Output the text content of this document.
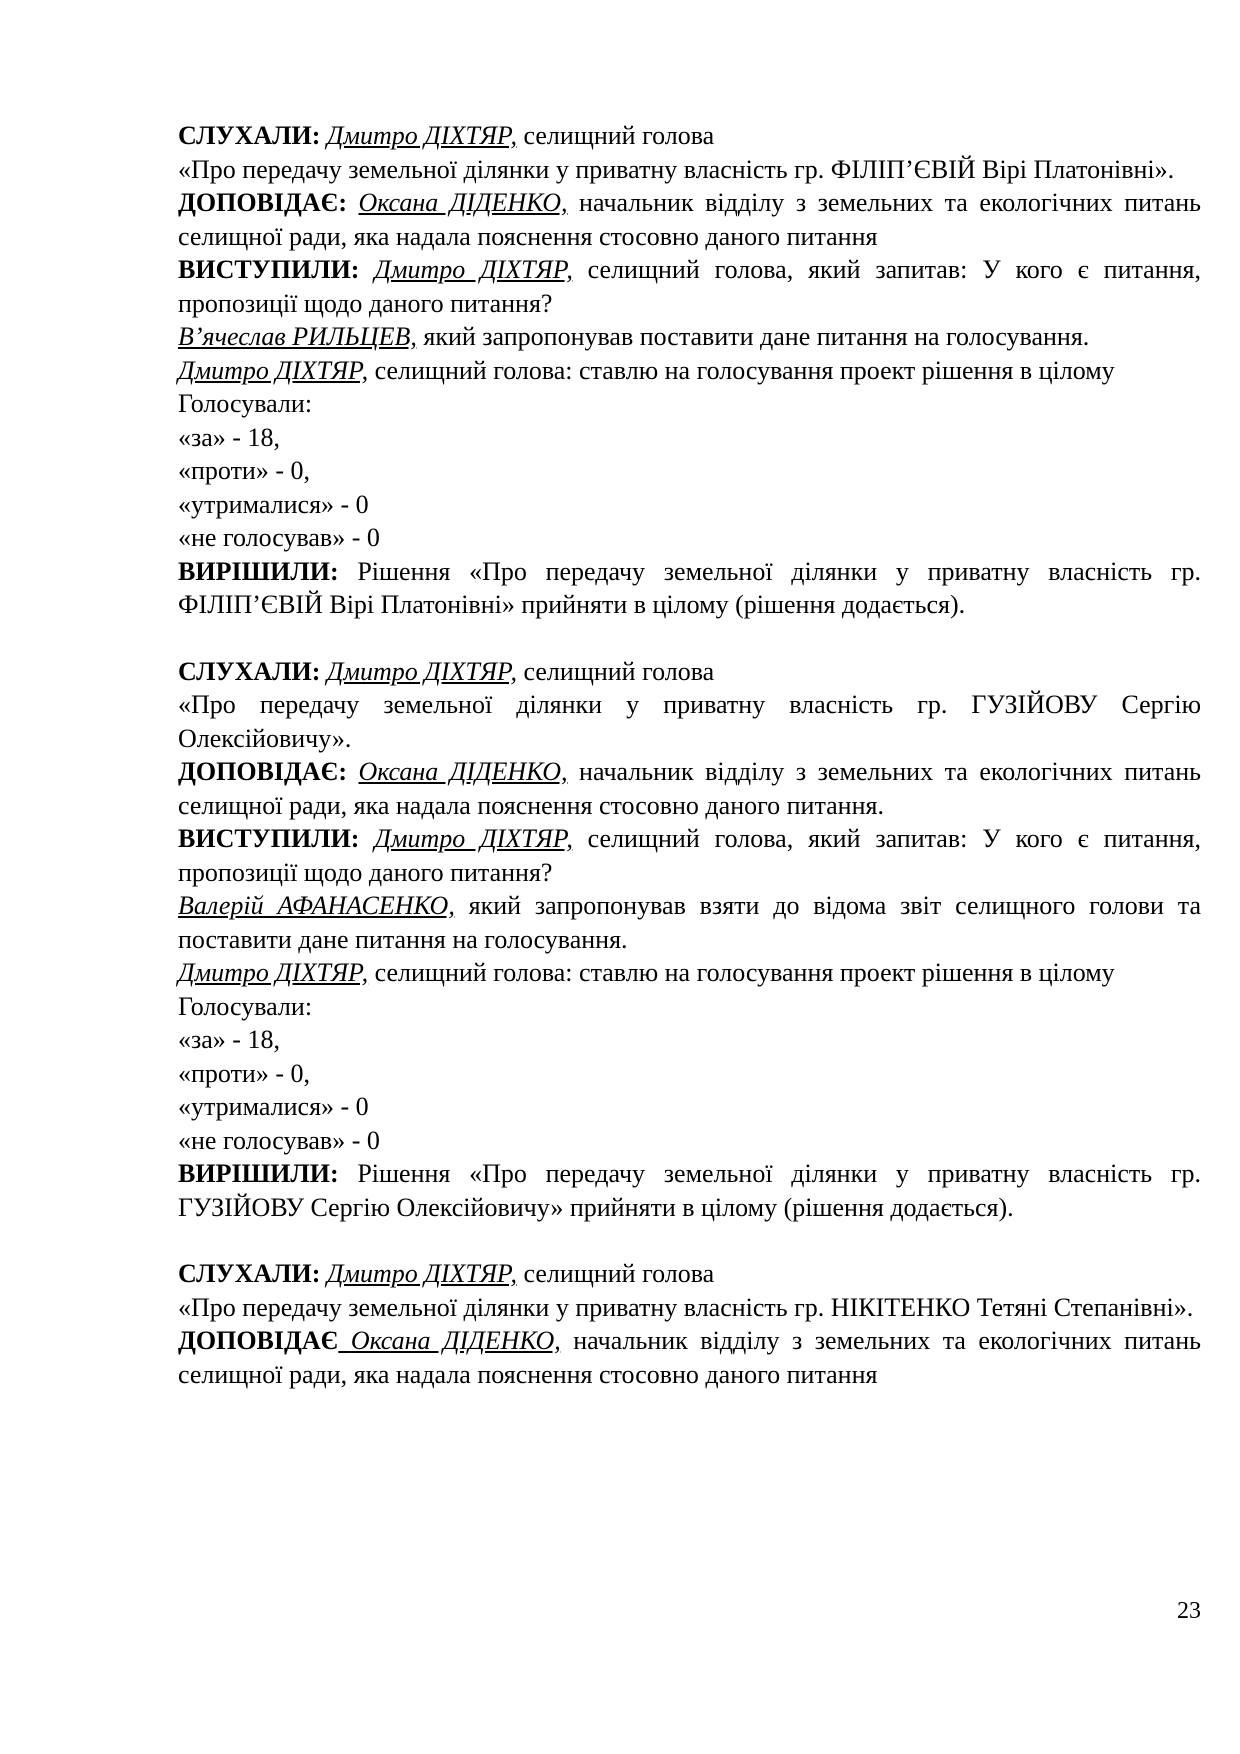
СЛУХАЛИ: Дмитро ДІХТЯР, селищний голова

«Про передачу земельної ділянки у приватну власність гр. ФІЛІП’ЄВІЙ Вірі Платонівні».

ДОПОВІДАЄ: Оксана ДІДЕНКО, начальник відділу з земельних та екологічних питань селищної ради, яка надала пояснення стосовно даного питання

ВИСТУПИЛИ: Дмитро ДІХТЯР, селищний голова, який запитав: У кого є питання, пропозиції щодо даного питання?

В’ячеслав РИЛЬЦЕВ, який запропонував поставити дане питання на голосування.

Дмитро ДІХТЯР, селищний голова: ставлю на голосування проект рішення в цілому

Голосували:

«за» - 18,

«проти» - 0,

«утрималися» - 0

«не голосував» - 0

ВИРІШИЛИ: Рішення «Про передачу земельної ділянки у приватну власність гр. ФІЛІП’ЄВІЙ Вірі Платонівні» прийняти в цілому (рішення додається).

СЛУХАЛИ: Дмитро ДІХТЯР, селищний голова

«Про передачу земельної ділянки у приватну власність гр. ГУЗІЙОВУ Сергію Олексійовичу».

ДОПОВІДАЄ: Оксана ДІДЕНКО, начальник відділу з земельних та екологічних питань селищної ради, яка надала пояснення стосовно даного питання.

ВИСТУПИЛИ: Дмитро ДІХТЯР, селищний голова, який запитав: У кого є питання, пропозиції щодо даного питання?

Валерій АФАНАСЕНКО, який запропонував взяти до відома звіт селищного голови та поставити дане питання на голосування.

Дмитро ДІХТЯР, селищний голова: ставлю на голосування проект рішення в цілому

Голосували:

«за» - 18,

«проти» - 0,

«утрималися» - 0

«не голосував» - 0

ВИРІШИЛИ: Рішення «Про передачу земельної ділянки у приватну власність гр. ГУЗІЙОВУ Сергію Олексійовичу» прийняти в цілому (рішення додається).

СЛУХАЛИ: Дмитро ДІХТЯР, селищний голова

«Про передачу земельної ділянки у приватну власність гр. НІКІТЕНКО Тетяні Степанівні».

ДОПОВІДАЄ Оксана ДІДЕНКО, начальник відділу з земельних та екологічних питань селищної ради, яка надала пояснення стосовно даного питання

23
